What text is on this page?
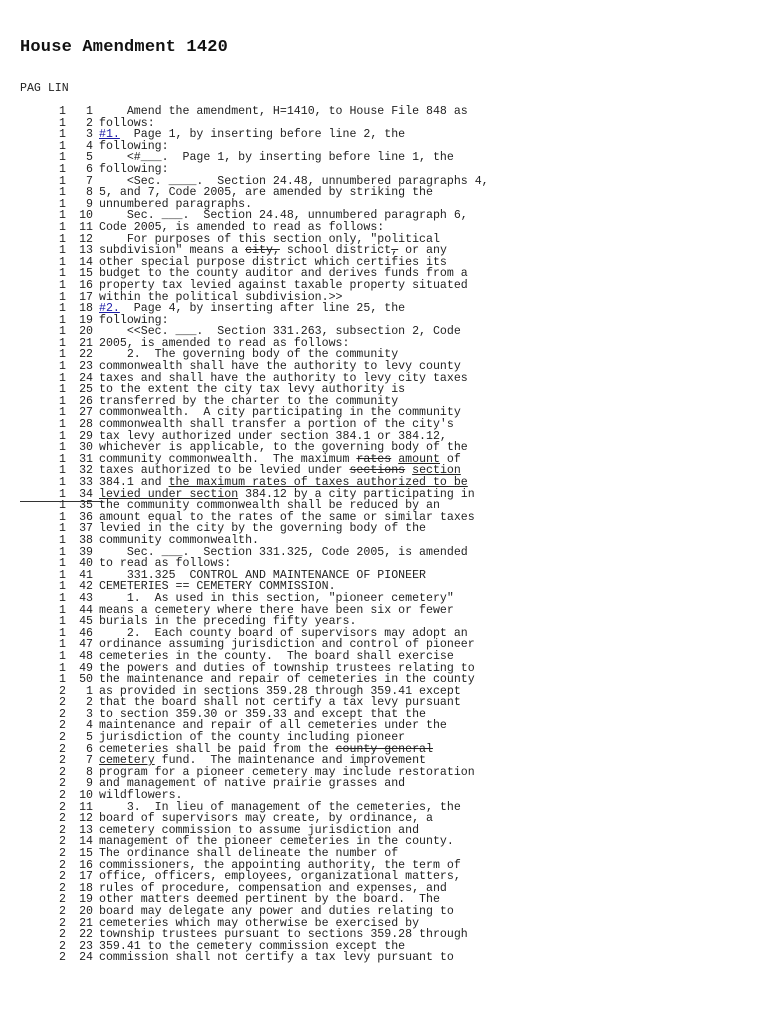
House Amendment 1420
PAG LIN
1	1 Amend the amendment, H=1410, to House File 848 as
1	2 follows:
1	3 #1.  Page 1, by inserting before line 2, the
1	4 following:
1	5 <#___.  Page 1, by inserting before line 1, the
1	6 following:
1	7 <Sec. ____.  Section 24.48, unnumbered paragraphs 4,
1	8 5, and 7, Code 2005, are amended by striking the
1	9 unnumbered paragraphs.
1	10 Sec. ___.  Section 24.48, unnumbered paragraph 6,
1	11 Code 2005, is amended to read as follows:
1	12 For purposes of this section only, "political
1	13 subdivision" means a city, school district, or any
1	14 other special purpose district which certifies its
1	15 budget to the county auditor and derives funds from a
1	16 property tax levied against taxable property situated
1	17 within the political subdivision.>>
1	18 #2.  Page 4, by inserting after line 25, the
1	19 following:
1	20 <<Sec. ___.  Section 331.263, subsection 2, Code
1	21 2005, is amended to read as follows:
1	22 2.  The governing body of the community
1	23 commonwealth shall have the authority to levy county
1	24 taxes and shall have the authority to levy city taxes
1	25 to the extent the city tax levy authority is
1	26 transferred by the charter to the community
1	27 commonwealth.  A city participating in the community
1	28 commonwealth shall transfer a portion of the city's
1	29 tax levy authorized under section 384.1 or 384.12,
1	30 whichever is applicable, to the governing body of the
1	31 community commonwealth.  The maximum rates amount of
1	32 taxes authorized to be levied under sections section
1	33 384.1 and the maximum rates of taxes authorized to be
1	34 levied under section 384.12 by a city participating in
1	35 the community commonwealth shall be reduced by an
1	36 amount equal to the rates of the same or similar taxes
1	37 levied in the city by the governing body of the
1	38 community commonwealth.
1	39 Sec. ___.  Section 331.325, Code 2005, is amended
1	40 to read as follows:
1	41 331.325  CONTROL AND MAINTENANCE OF PIONEER
1	42 CEMETERIES == CEMETERY COMMISSION.
1	43 1.  As used in this section, "pioneer cemetery"
1	44 means a cemetery where there have been six or fewer
1	45 burials in the preceding fifty years.
1	46 2.  Each county board of supervisors may adopt an
1	47 ordinance assuming jurisdiction and control of pioneer
1	48 cemeteries in the county.  The board shall exercise
1	49 the powers and duties of township trustees relating to
1	50 the maintenance and repair of cemeteries in the county
2	1 as provided in sections 359.28 through 359.41 except
2	2 that the board shall not certify a tax levy pursuant
2	3 to section 359.30 or 359.33 and except that the
2	4 maintenance and repair of all cemeteries under the
2	5 jurisdiction of the county including pioneer
2	6 cemeteries shall be paid from the county general
2	7 cemetery fund.  The maintenance and improvement
2	8 program for a pioneer cemetery may include restoration
2	9 and management of native prairie grasses and
2	10 wildflowers.
2	11 3.  In lieu of management of the cemeteries, the
2	12 board of supervisors may create, by ordinance, a
2	13 cemetery commission to assume jurisdiction and
2	14 management of the pioneer cemeteries in the county.
2	15 The ordinance shall delineate the number of
2	16 commissioners, the appointing authority, the term of
2	17 office, officers, employees, organizational matters,
2	18 rules of procedure, compensation and expenses, and
2	19 other matters deemed pertinent by the board.  The
2	20 board may delegate any power and duties relating to
2	21 cemeteries which may otherwise be exercised by
2	22 township trustees pursuant to sections 359.28 through
2	23 359.41 to the cemetery commission except the
2	24 commission shall not certify a tax levy pursuant to
